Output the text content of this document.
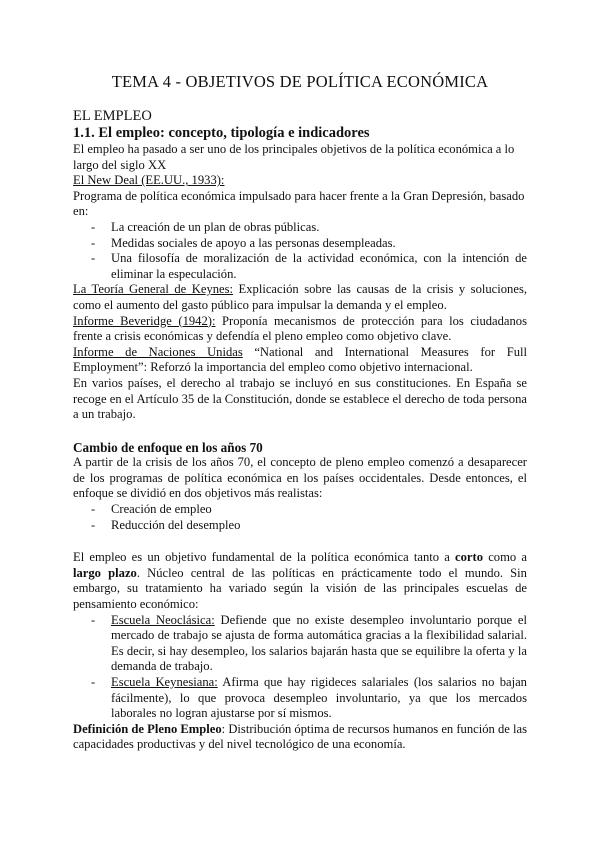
TEMA 4 - OBJETIVOS DE POLÍTICA ECONÓMICA

EL EMPLEO

1.1. El empleo: concepto, tipología e indicadores

El empleo ha pasado a ser uno de los principales objetivos de la política económica a lo largo del siglo XX

El New Deal (EE.UU., 1933):

Programa de política económica impulsado para hacer frente a la Gran Depresión, basado en:

- La creación de un plan de obras públicas.
- Medidas sociales de apoyo a las personas desempleadas.
- Una filosofía de moralización de la actividad económica, con la intención de eliminar la especulación.

La Teoría General de Keynes: Explicación sobre las causas de la crisis y soluciones, como el aumento del gasto público para impulsar la demanda y el empleo.

Informe Beveridge (1942): Proponía mecanismos de protección para los ciudadanos frente a crisis económicas y defendía el pleno empleo como objetivo clave.

Informe de Naciones Unidas “National and International Measures for Full Employment”: Reforzó la importancia del empleo como objetivo internacional.

En varios países, el derecho al trabajo se incluyó en sus constituciones. En España se recoge en el Artículo 35 de la Constitución, donde se establece el derecho de toda persona a un trabajo.

Cambio de enfoque en los años 70

A partir de la crisis de los años 70, el concepto de pleno empleo comenzó a desaparecer de los programas de política económica en los países occidentales. Desde entonces, el enfoque se dividió en dos objetivos más realistas:

- Creación de empleo
- Reducción del desempleo

El empleo es un objetivo fundamental de la política económica tanto a corto como a largo plazo. Núcleo central de las políticas en prácticamente todo el mundo. Sin embargo, su tratamiento ha variado según la visión de las principales escuelas de pensamiento económico:

- Escuela Neoclásica: Defiende que no existe desempleo involuntario porque el mercado de trabajo se ajusta de forma automática gracias a la flexibilidad salarial. Es decir, si hay desempleo, los salarios bajarán hasta que se equilibre la oferta y la demanda de trabajo.
- Escuela Keynesiana: Afirma que hay rigideces salariales (los salarios no bajan fácilmente), lo que provoca desempleo involuntario, ya que los mercados laborales no logran ajustarse por sí mismos.

Definición de Pleno Empleo: Distribución óptima de recursos humanos en función de las capacidades productivas y del nivel tecnológico de una economía.
